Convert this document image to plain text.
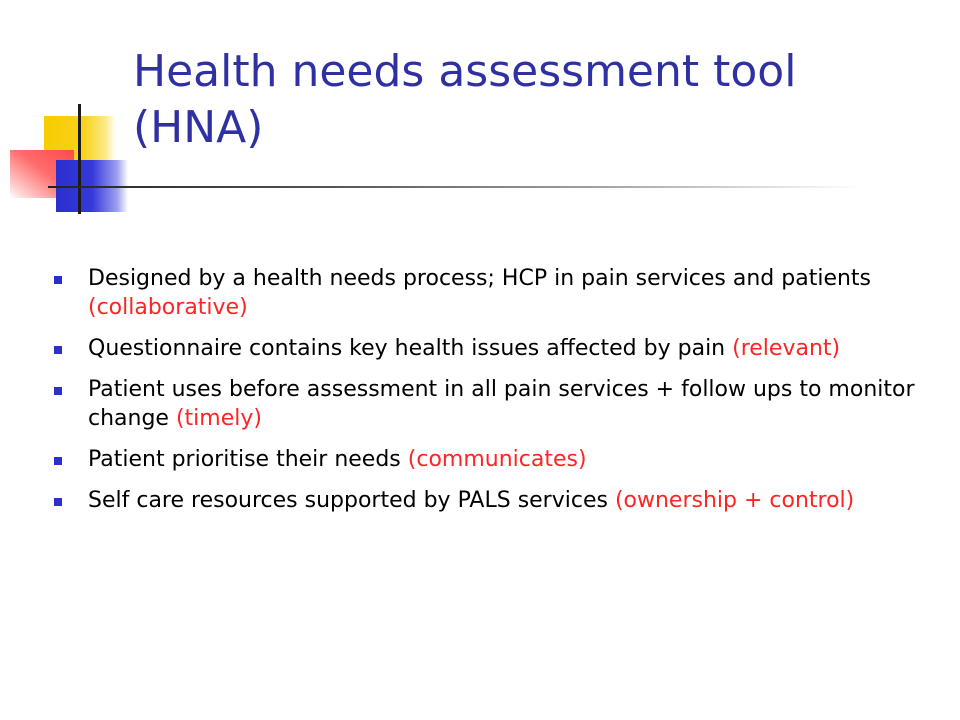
Health needs assessment tool
(HNA)
Designed by a health needs process; HCP in pain services and patients (collaborative)
Questionnaire contains key health issues affected by pain (relevant)
Patient uses before assessment in all pain services + follow ups to monitor change (timely)
Patient prioritise their needs (communicates)
Self care resources supported by PALS services (ownership + control)
